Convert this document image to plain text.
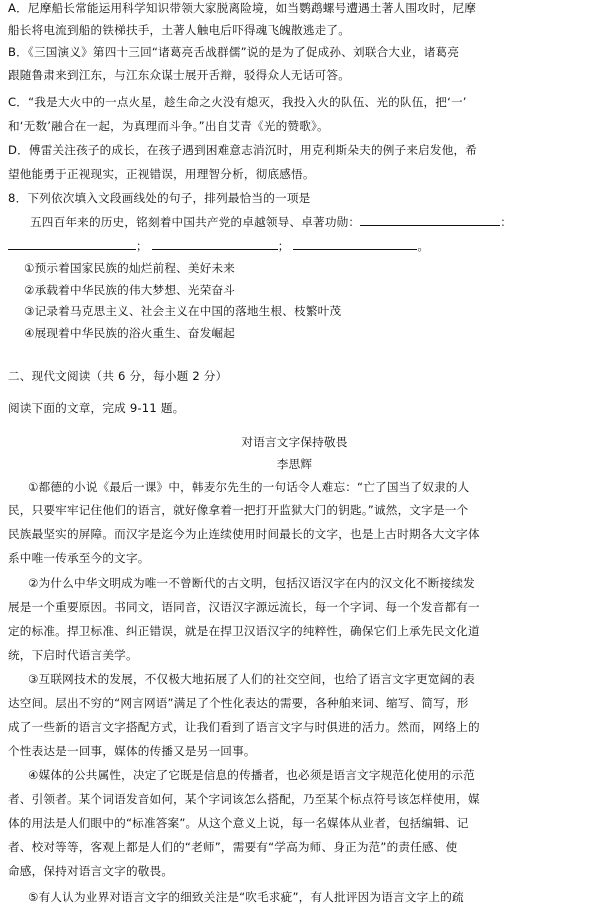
A．尼摩船长常能运用科学知识带领大家脱离险境，如当鹦鹉螺号遭遇土著人围攻时，尼摩
船长将电流到船的铁梯扶手，土著人触电后吓得魂飞魄散逃走了。
B．《三国演义》第四十三回“诸葛亮舌战群儒”说的是为了促成孙、刘联合大业，诸葛亮
跟随鲁肃来到江东，与江东众谋士展开舌辩，驳得众人无话可答。
C．“我是大火中的一点火星，趁生命之火没有熄灭，我投入火的队伍、光的队伍，把‘一’
和‘无数’融合在一起，为真理而斗争。”出自艾青《光的赞歌》。
D．傅雷关注孩子的成长，在孩子遇到困难意志消沉时，用克利斯朵夫的例子来启发他，希
望他能勇于正视现实，正视错误，用理智分析，彻底感悟。
8．下列依次填入文段画线处的句子，排列最恰当的一项是
五四百年来的历史，铭刻着中国共产党的卓越领导、卓著功勋：	：
；	；	。
①预示着国家民族的灿烂前程、美好未来
②承载着中华民族的伟大梦想、光荣奋斗
③记录着马克思主义、社会主义在中国的落地生根、枝繁叶茂
④展现着中华民族的浴火重生、奋发崛起
二、现代文阅读（共 6 分，每小题 2 分）
阅读下面的文章，完成 9-11 题。
对语言文字保持敬畏
李思辉
①都德的小说《最后一课》中，韩麦尔先生的一句话令人难忘：“亡了国当了奴隶的人
民，只要牢牢记住他们的语言，就好像拿着一把打开监狱大门的钥匙。”诚然，文字是一个
民族最坚实的屏障。而汉字是迄今为止连续使用时间最长的文字，也是上古时期各大文字体
系中唯一传承至今的文字。
②为什么中华文明成为唯一不曾断代的古文明，包括汉语汉字在内的汉文化不断接续发
展是一个重要原因。书同文，语同音，汉语汉字源远流长，每一个字词、每一个发音都有一
定的标准。捍卫标准、纠正错误，就是在捍卫汉语汉字的纯粹性，确保它们上承先民文化道
统，下启时代语言美学。
③互联网技术的发展，不仅极大地拓展了人们的社交空间，也给了语言文字更宽阔的表
达空间。层出不穷的“网言网语”满足了个性化表达的需要，各种舶来词、缩写、简写，形
成了一些新的语言文字搭配方式，让我们看到了语言文字与时俱进的活力。然而，网络上的
个性表达是一回事，媒体的传播又是另一回事。
④媒体的公共属性，决定了它既是信息的传播者，也必须是语言文字规范化使用的示范
者、引领者。某个词语发音如何，某个字词该怎么搭配，乃至某个标点符号该怎样使用，媒
体的用法是人们眼中的“标准答案”。从这个意义上说，每一名媒体从业者，包括编辑、记
者、校对等等，客观上都是人们的“老师”，需要有“学高为师、身正为范”的责任感、使
命感，保持对语言文字的敬畏。
⑤有人认为业界对语言文字的细致关注是“吹毛求疵”，有人批评因为语言文字上的疏
